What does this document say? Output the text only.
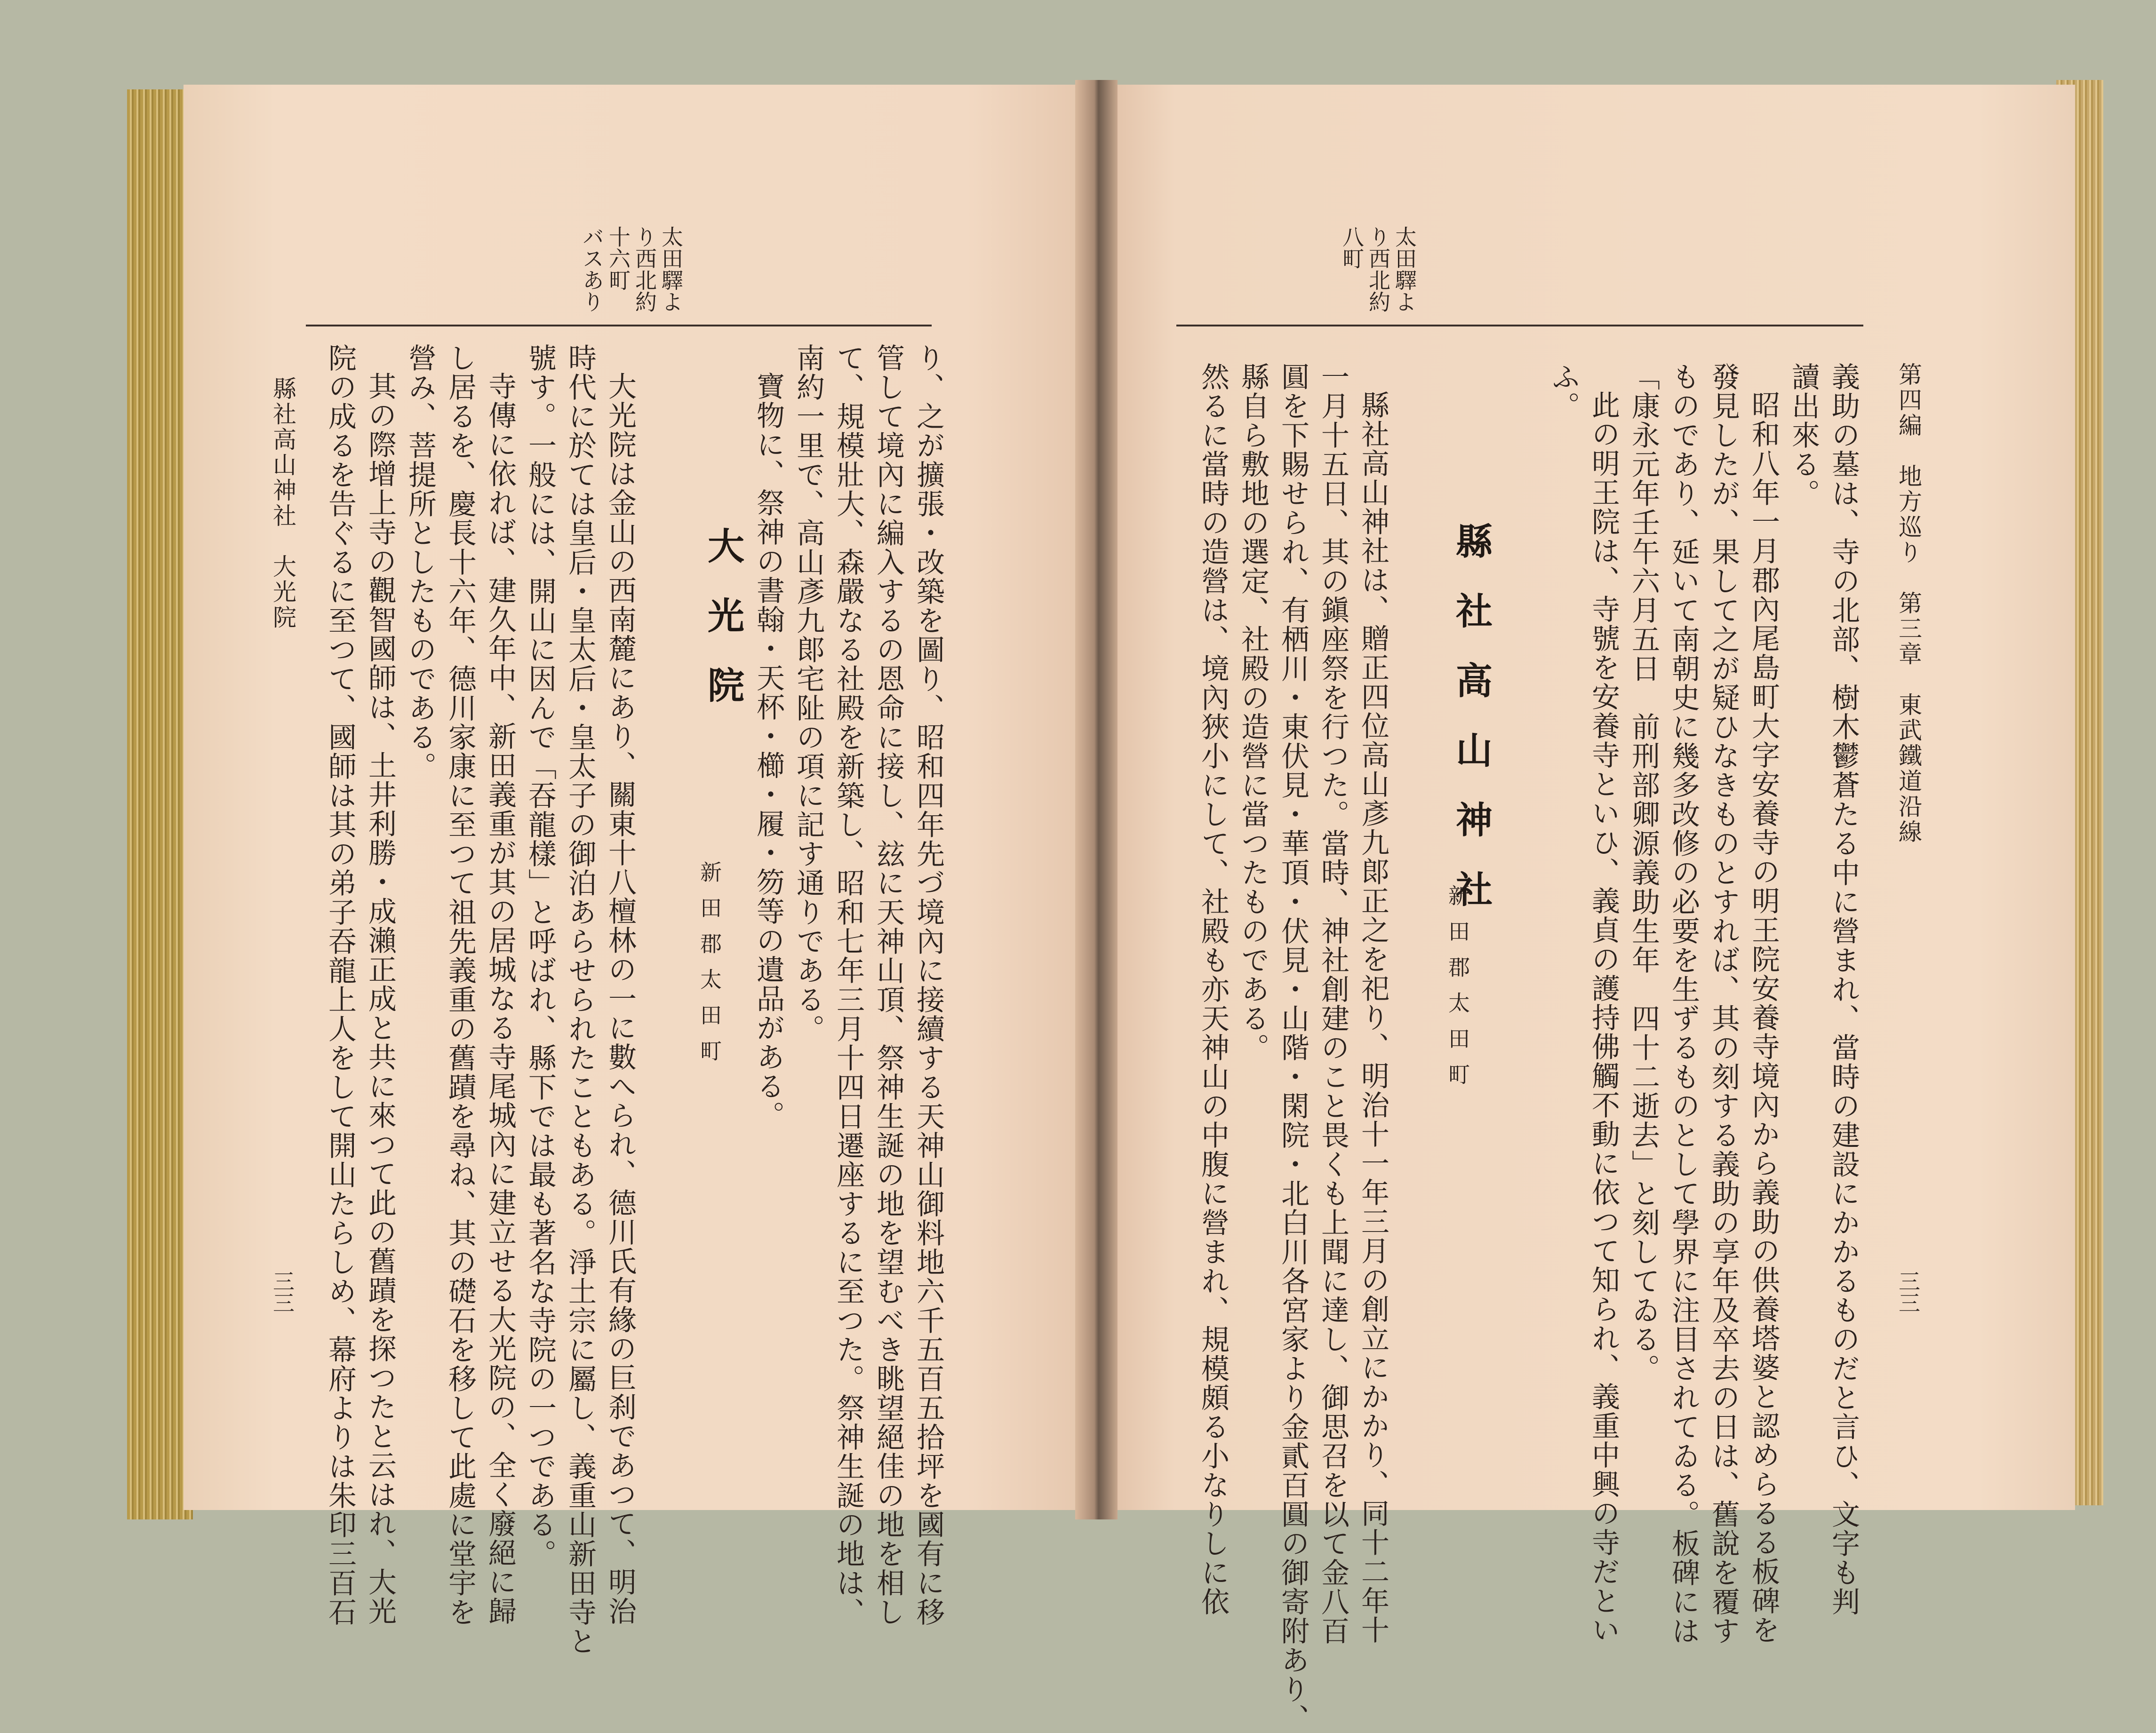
第四編　地方巡り　第三章　東武鐵道沿線
三三
太田驛よ
り西北約
八町
義助の墓は、寺の北部、樹木鬱蒼たる中に營まれ、當時の建設にかかるものだと言ひ、文字も判
讀出來る。
昭和八年一月郡內尾島町大字安養寺の明王院安養寺境內から義助の供養塔婆と認めらるる板碑を
發見したが、果して之が疑ひなきものとすれば、其の刻する義助の享年及卒去の日は、舊說を覆す
ものであり、延いて南朝史に幾多改修の必要を生ずるものとして學界に注目されてゐる。板碑には
「康永元年壬午六月五日　前刑部卿源義助生年　四十二逝去」と刻してゐる。
此の明王院は、寺號を安養寺といひ、義貞の護持佛觸不動に依つて知られ、義重中興の寺だとい
ふ。
縣社高山神社
新田郡太田町
縣社高山神社は、贈正四位高山彥九郞正之を祀り、明治十一年三月の創立にかかり、同十二年十
一月十五日、其の鎭座祭を行つた。當時、神社創建のこと畏くも上聞に達し、御思召を以て金八百
圓を下賜せられ、有栖川・東伏見・華頂・伏見・山階・閑院・北白川各宮家より金貳百圓の御寄附あり、
縣自ら敷地の選定、社殿の造營に當つたものである。
然るに當時の造營は、境內狹小にして、社殿も亦天神山の中腹に營まれ、規模頗る小なりしに依
太田驛よ
り西北約
十六町
バスあり
り、之が擴張・改築を圖り、昭和四年先づ境內に接續する天神山御料地六千五百五拾坪を國有に移
管して境內に編入するの恩命に接し、玆に天神山頂、祭神生誕の地を望むべき眺望絕佳の地を相し
て、規模壯大、森嚴なる社殿を新築し、昭和七年三月十四日遷座するに至つた。祭神生誕の地は、
南約一里で、高山彥九郞宅阯の項に記す通りである。
寶物に、祭神の書翰・天杯・櫛・履・笏等の遺品がある。
大光院
新田郡太田町
大光院は金山の西南麓にあり、關東十八檀林の一に數へられ、德川氏有緣の巨刹であつて、明治
時代に於ては皇后・皇太后・皇太子の御泊あらせられたこともある。淨土宗に屬し、義重山新田寺と
號す。一般には、開山に因んで「吞龍樣」と呼ばれ、縣下では最も著名な寺院の一つである。
寺傳に依れば、建久年中、新田義重が其の居城なる寺尾城內に建立せる大光院の、全く廢絕に歸
し居るを、慶長十六年、德川家康に至つて祖先義重の舊蹟を尋ね、其の礎石を移して此處に堂宇を
營み、菩提所としたものである。
其の際增上寺の觀智國師は、土井利勝・成瀨正成と共に來つて此の舊蹟を探つたと云はれ、大光
院の成るを告ぐるに至つて、國師は其の弟子吞龍上人をして開山たらしめ、幕府よりは朱印三百石
縣社高山神社　大光院
三三
